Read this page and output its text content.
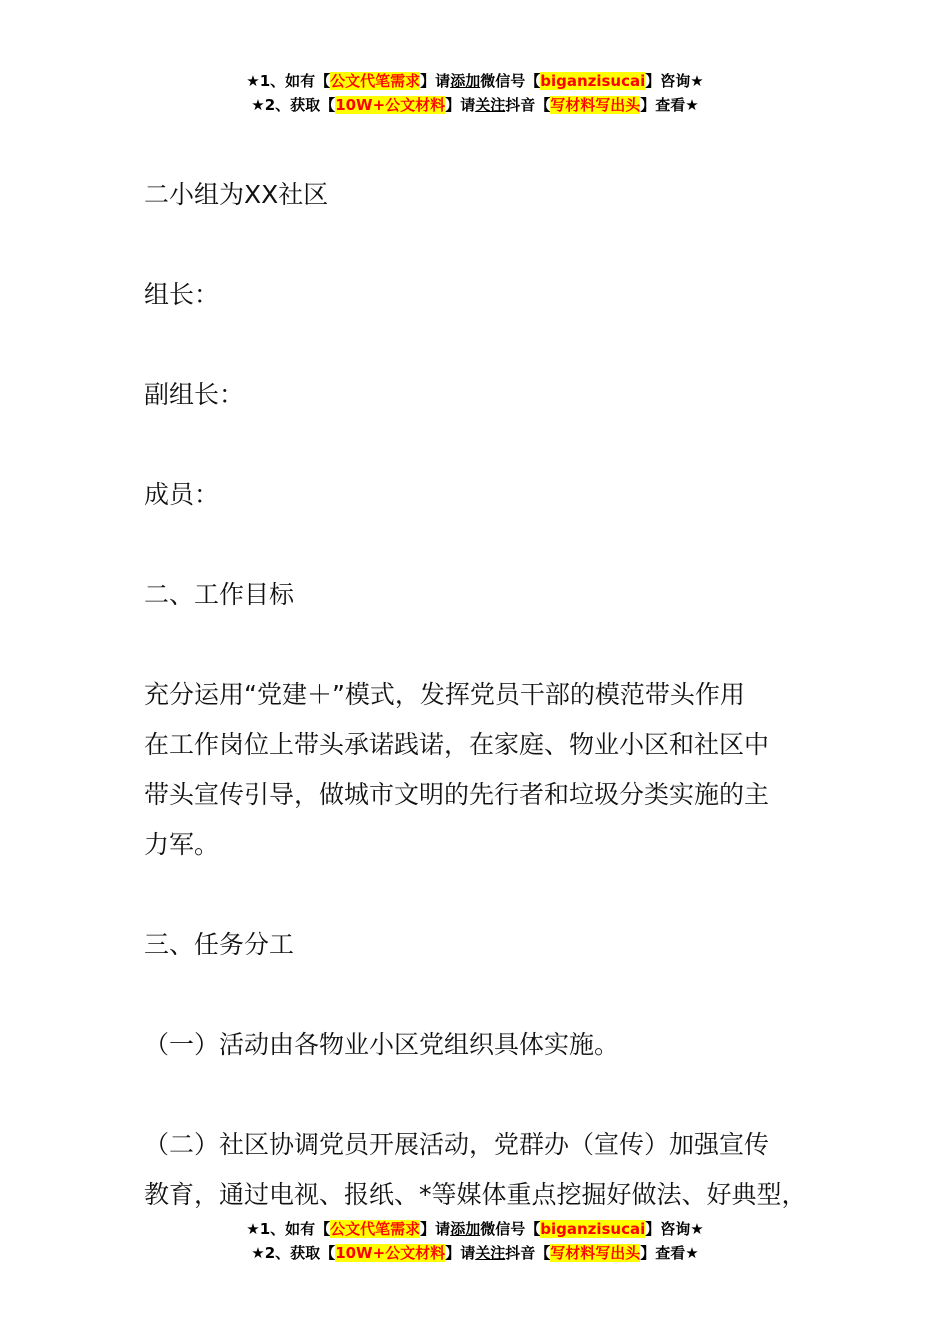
★1、如有【公文代笔需求】请添加微信号【biganzisucai】咨询★
★2、获取【10W+公文材料】请关注抖音【写材料写出头】查看★

二小组为XX社区

组长：

副组长：

成员：

二、工作目标

充分运用“党建＋”模式，发挥党员干部的模范带头作用

在工作岗位上带头承诺践诺，在家庭、物业小区和社区中

带头宣传引导，做城市文明的先行者和垃圾分类实施的主

力军。

三、任务分工

（一）活动由各物业小区党组织具体实施。

（二）社区协调党员开展活动，党群办（宣传）加强宣传

教育，通过电视、报纸、*等媒体重点挖掘好做法、好典型，

★1、如有【公文代笔需求】请添加微信号【biganzisucai】咨询★
★2、获取【10W+公文材料】请关注抖音【写材料写出头】查看★
